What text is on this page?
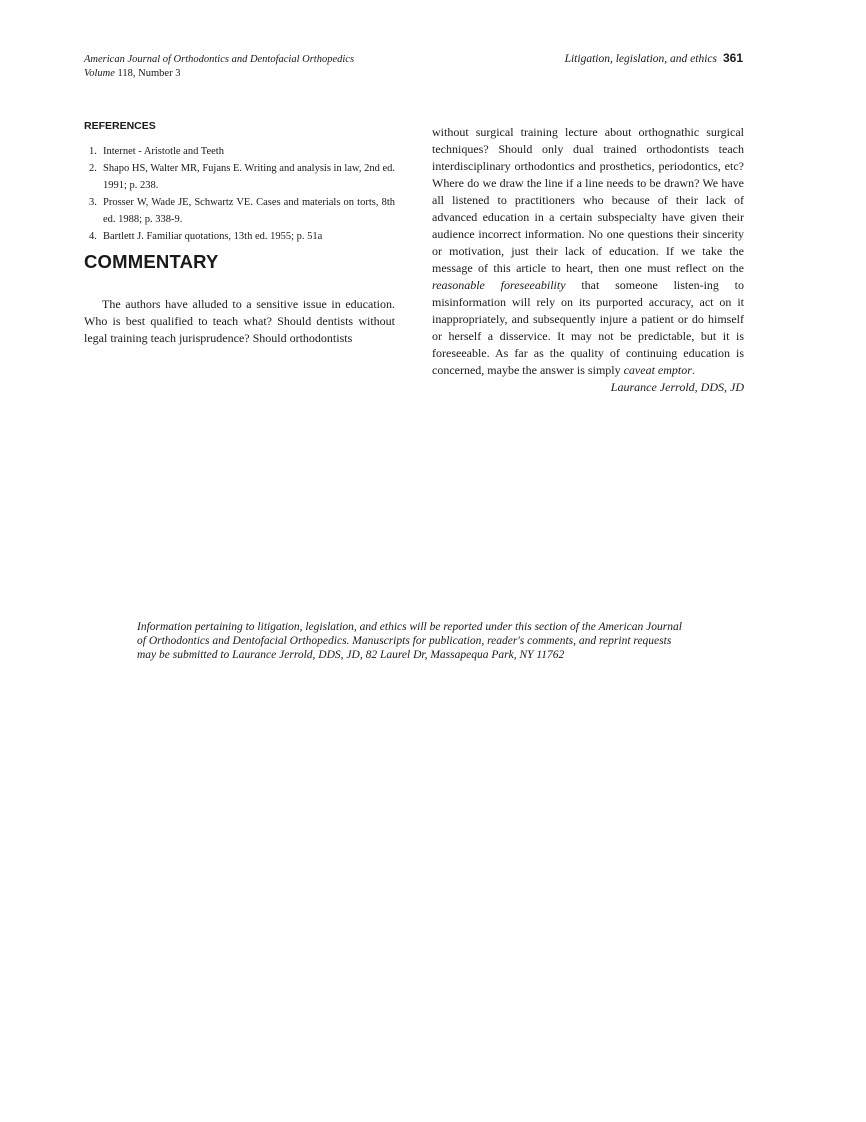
American Journal of Orthodontics and Dentofacial Orthopedics
Volume 118, Number 3
Litigation, legislation, and ethics 361
REFERENCES
1. Internet - Aristotle and Teeth
2. Shapo HS, Walter MR, Fujans E. Writing and analysis in law, 2nd ed. 1991; p. 238.
3. Prosser W, Wade JE, Schwartz VE. Cases and materials on torts, 8th ed. 1988; p. 338-9.
4. Bartlett J. Familiar quotations, 13th ed. 1955; p. 51a
COMMENTARY

The authors have alluded to a sensitive issue in education. Who is best qualified to teach what? Should dentists without legal training teach jurisprudence? Should orthodontists

without surgical training lecture about orthognathic surgical techniques? Should only dual trained orthodontists teach interdisciplinary orthodontics and prosthetics, periodontics, etc? Where do we draw the line if a line needs to be drawn? We have all listened to practitioners who because of their lack of advanced education in a certain subspecialty have given their audience incorrect information. No one questions their sincerity or motivation, just their lack of education. If we take the message of this article to heart, then one must reflect on the reasonable foreseeability that someone listen-ing to misinformation will rely on its purported accuracy, act on it inappropriately, and subsequently injure a patient or do himself or herself a disservice. It may not be predictable, but it is foreseeable. As far as the quality of continuing education is concerned, maybe the answer is simply caveat emptor.

Laurance Jerrold, DDS, JD
Information pertaining to litigation, legislation, and ethics will be reported under this section of the American Journal
of Orthodontics and Dentofacial Orthopedics. Manuscripts for publication, reader's comments, and reprint requests
may be submitted to Laurance Jerrold, DDS, JD, 82 Laurel Dr, Massapequa Park, NY 11762
